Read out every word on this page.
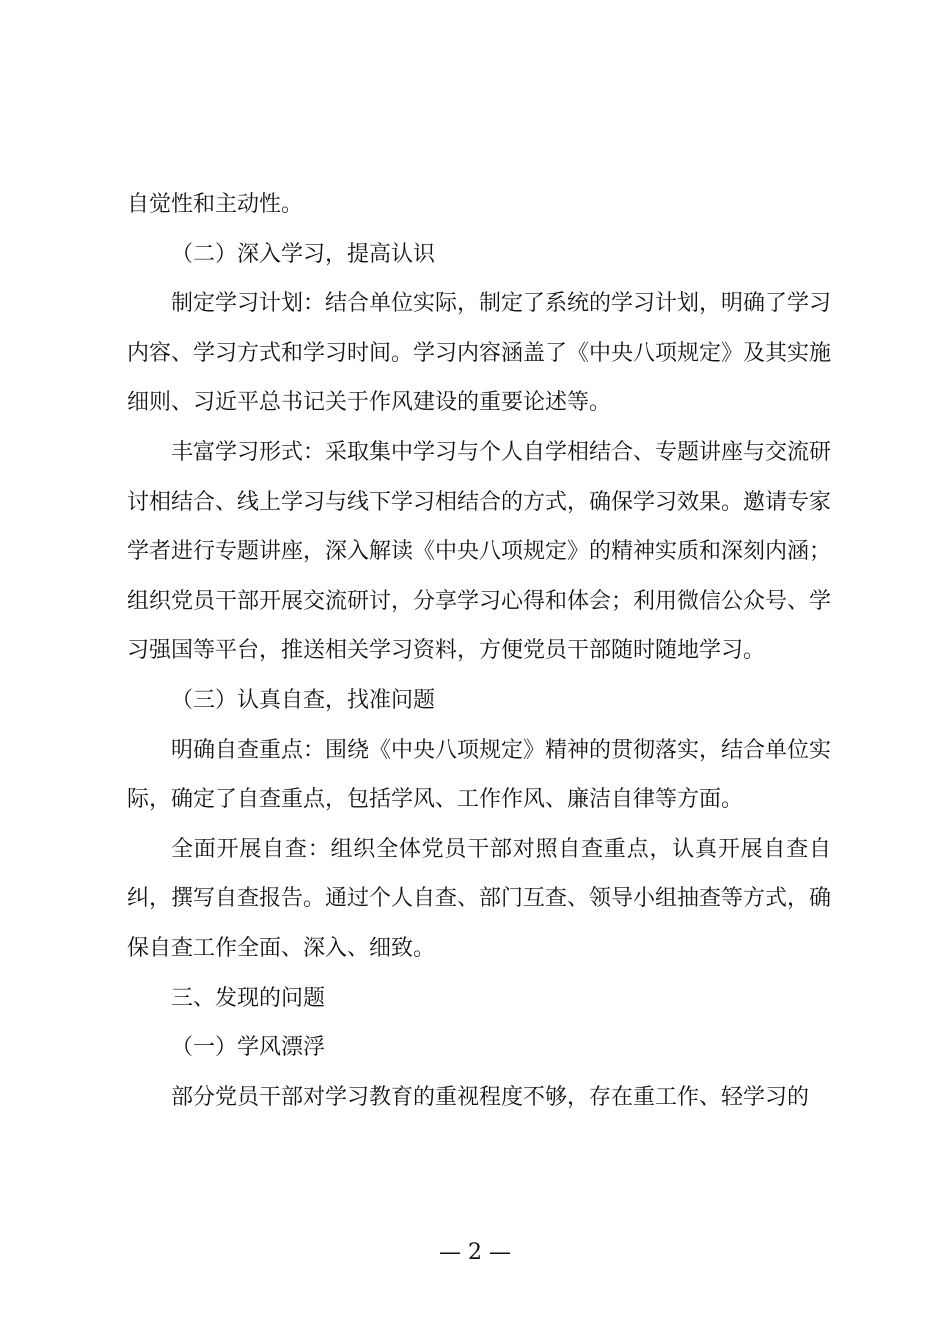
自觉性和主动性。

（二）深入学习，提高认识

制定学习计划：结合单位实际，制定了系统的学习计划，明确了学习内容、学习方式和学习时间。学习内容涵盖了《中央八项规定》及其实施细则、习近平总书记关于作风建设的重要论述等。

丰富学习形式：采取集中学习与个人自学相结合、专题讲座与交流研讨相结合、线上学习与线下学习相结合的方式，确保学习效果。邀请专家学者进行专题讲座，深入解读《中央八项规定》的精神实质和深刻内涵；组织党员干部开展交流研讨，分享学习心得和体会；利用微信公众号、学习强国等平台，推送相关学习资料，方便党员干部随时随地学习。

（三）认真自查，找准问题

明确自查重点：围绕《中央八项规定》精神的贯彻落实，结合单位实际，确定了自查重点，包括学风、工作作风、廉洁自律等方面。

全面开展自查：组织全体党员干部对照自查重点，认真开展自查自纠，撰写自查报告。通过个人自查、部门互查、领导小组抽查等方式，确保自查工作全面、深入、细致。

三、发现的问题

（一）学风漂浮

部分党员干部对学习教育的重视程度不够，存在重工作、轻学习的

— 2 —
